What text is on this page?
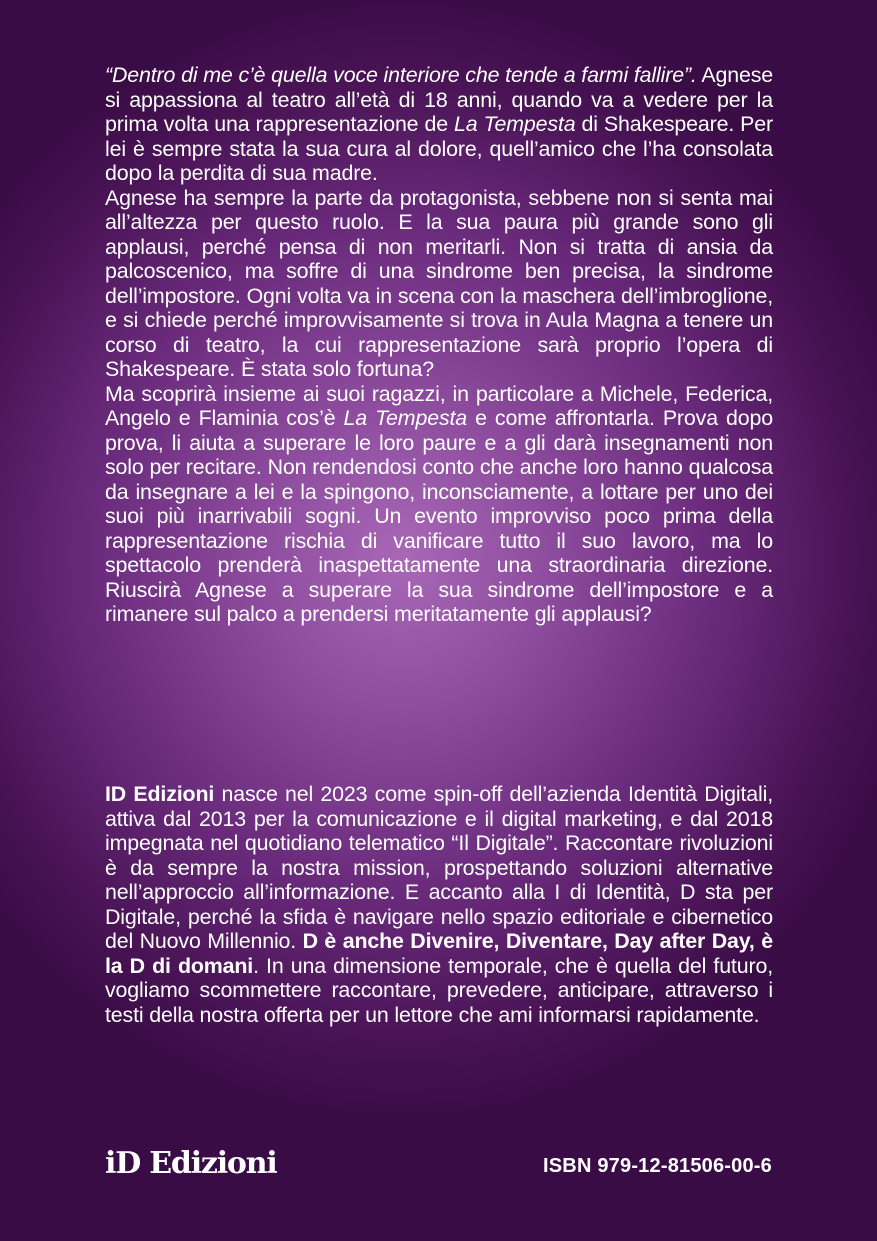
“Dentro di me c’è quella voce interiore che tende a farmi fallire”. Agnese si appassiona al teatro all’età di 18 anni, quando va a vedere per la prima volta una rappresentazione de La Tempesta di Shakespeare. Per lei è sempre stata la sua cura al dolore, quell’amico che l’ha consolata dopo la perdita di sua madre.

Agnese ha sempre la parte da protagonista, sebbene non si senta mai all’altezza per questo ruolo. E la sua paura più grande sono gli applausi, perché pensa di non meritarli. Non si tratta di ansia da palcoscenico, ma soffre di una sindrome ben precisa, la sindrome dell’impostore. Ogni volta va in scena con la maschera dell’imbroglione, e si chiede perché improvvisamente si trova in Aula Magna a tenere un corso di teatro, la cui rappresentazione sarà proprio l’opera di Shakespeare. È stata solo fortuna?

Ma scoprirà insieme ai suoi ragazzi, in particolare a Michele, Federica, Angelo e Flaminia cos’è La Tempesta e come affrontarla. Prova dopo prova, li aiuta a superare le loro paure e a gli darà insegnamenti non solo per recitare. Non rendendosi conto che anche loro hanno qualcosa da insegnare a lei e la spingono, inconsciamente, a lottare per uno dei suoi più inarrivabili sogni. Un evento improvviso poco prima della rappresentazione rischia di vanificare tutto il suo lavoro, ma lo spettacolo prenderà inaspettatamente una straordinaria direzione. Riuscirà Agnese a superare la sua sindrome dell’impostore e a rimanere sul palco a prendersi meritatamente gli applausi?

ID Edizioni nasce nel 2023 come spin-off dell’azienda Identità Digitali, attiva dal 2013 per la comunicazione e il digital marketing, e dal 2018 impegnata nel quotidiano telematico “Il Digitale”. Raccontare rivoluzioni è da sempre la nostra mission, prospettando soluzioni alternative nell’approccio all’informazione. E accanto alla I di Identità, D sta per Digitale, perché la sfida è navigare nello spazio editoriale e cibernetico del Nuovo Millennio. D è anche Divenire, Diventare, Day after Day, è la D di domani. In una dimensione temporale, che è quella del futuro, vogliamo scommettere raccontare, prevedere, anticipare, attraverso i testi della nostra offerta per un lettore che ami informarsi rapidamente.

iD Edizioni	ISBN 979-12-81506-00-6
